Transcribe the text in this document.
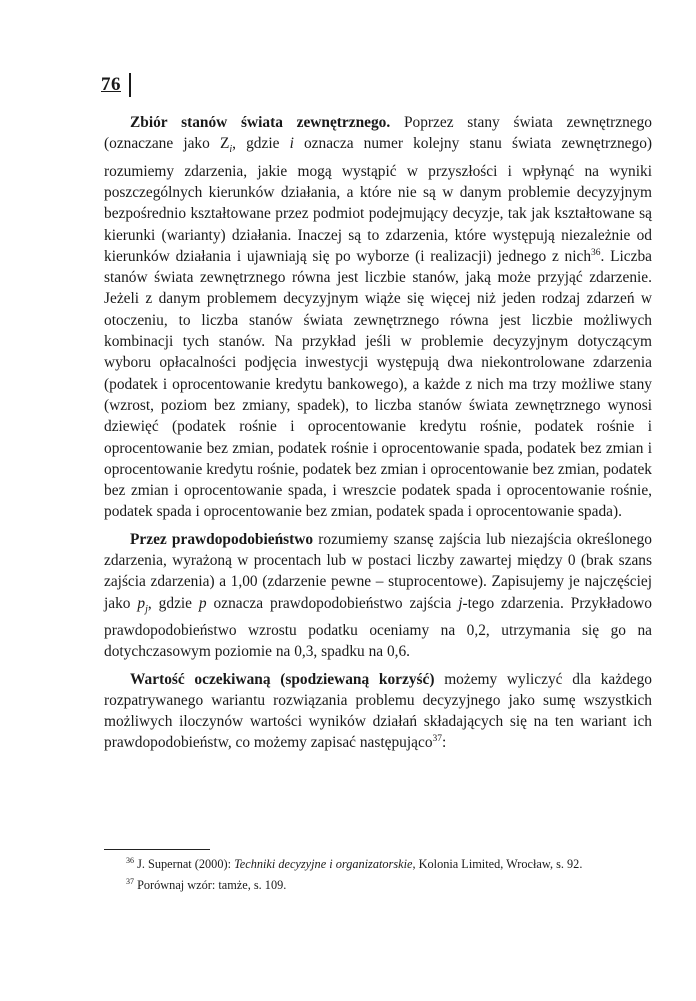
76

Zbiór stanów świata zewnętrznego. Poprzez stany świata zewnętrznego (oznaczane jako $Z_i$, gdzie i oznacza numer kolejny stanu świata zewnętrznego) rozumiemy zdarzenia, jakie mogą wystąpić w przyszłości i wpłynąć na wyniki poszczególnych kierunków działania, a które nie są w danym problemie decyzyjnym bezpośrednio kształtowane przez podmiot podejmujący decyzje, tak jak kształtowane są kierunki (warianty) działania. Inaczej są to zdarzenia, które występują niezależnie od kierunków działania i ujawniają się po wyborze (i realizacji) jednego z nich$^{36}$. Liczba stanów świata zewnętrznego równa jest liczbie stanów, jaką może przyjąć zdarzenie. Jeżeli z danym problemem decyzyjnym wiąże się więcej niż jeden rodzaj zdarzeń w otoczeniu, to liczba stanów świata zewnętrznego równa jest liczbie możliwych kombinacji tych stanów. Na przykład jeśli w problemie decyzyjnym dotyczącym wyboru opłacalności podjęcia inwestycji występują dwa niekontrolowane zdarzenia (podatek i oprocentowanie kredytu bankowego), a każde z nich ma trzy możliwe stany (wzrost, poziom bez zmiany, spadek), to liczba stanów świata zewnętrznego wynosi dziewięć (podatek rośnie i oprocentowanie kredytu rośnie, podatek rośnie i oprocentowanie bez zmian, podatek rośnie i oprocentowanie spada, podatek bez zmian i oprocentowanie kredytu rośnie, podatek bez zmian i oprocentowanie bez zmian, podatek bez zmian i oprocentowanie spada, i wreszcie podatek spada i oprocentowanie rośnie, podatek spada i oprocentowanie bez zmian, podatek spada i oprocentowanie spada).

Przez prawdopodobieństwo rozumiemy szansę zajścia lub niezajścia określonego zdarzenia, wyrażoną w procentach lub w postaci liczby zawartej między 0 (brak szans zajścia zdarzenia) a 1,00 (zdarzenie pewne – stuprocentowe). Zapisujemy je najczęściej jako $p_j$, gdzie p oznacza prawdopodobieństwo zajścia j-tego zdarzenia. Przykładowo prawdopodobieństwo wzrostu podatku oceniamy na 0,2, utrzymania się go na dotychczasowym poziomie na 0,3, spadku na 0,6.

Wartość oczekiwaną (spodziewaną korzyść) możemy wyliczyć dla każdego rozpatrywanego wariantu rozwiązania problemu decyzyjnego jako sumę wszystkich możliwych iloczynów wartości wyników działań składających się na ten wariant ich prawdopodobieństw, co możemy zapisać następująco$^{37}$:

$^{36}$ J. Supernat (2000): Techniki decyzyjne i organizatorskie, Kolonia Limited, Wrocław, s. 92.

$^{37}$ Porównaj wzór: tamże, s. 109.
